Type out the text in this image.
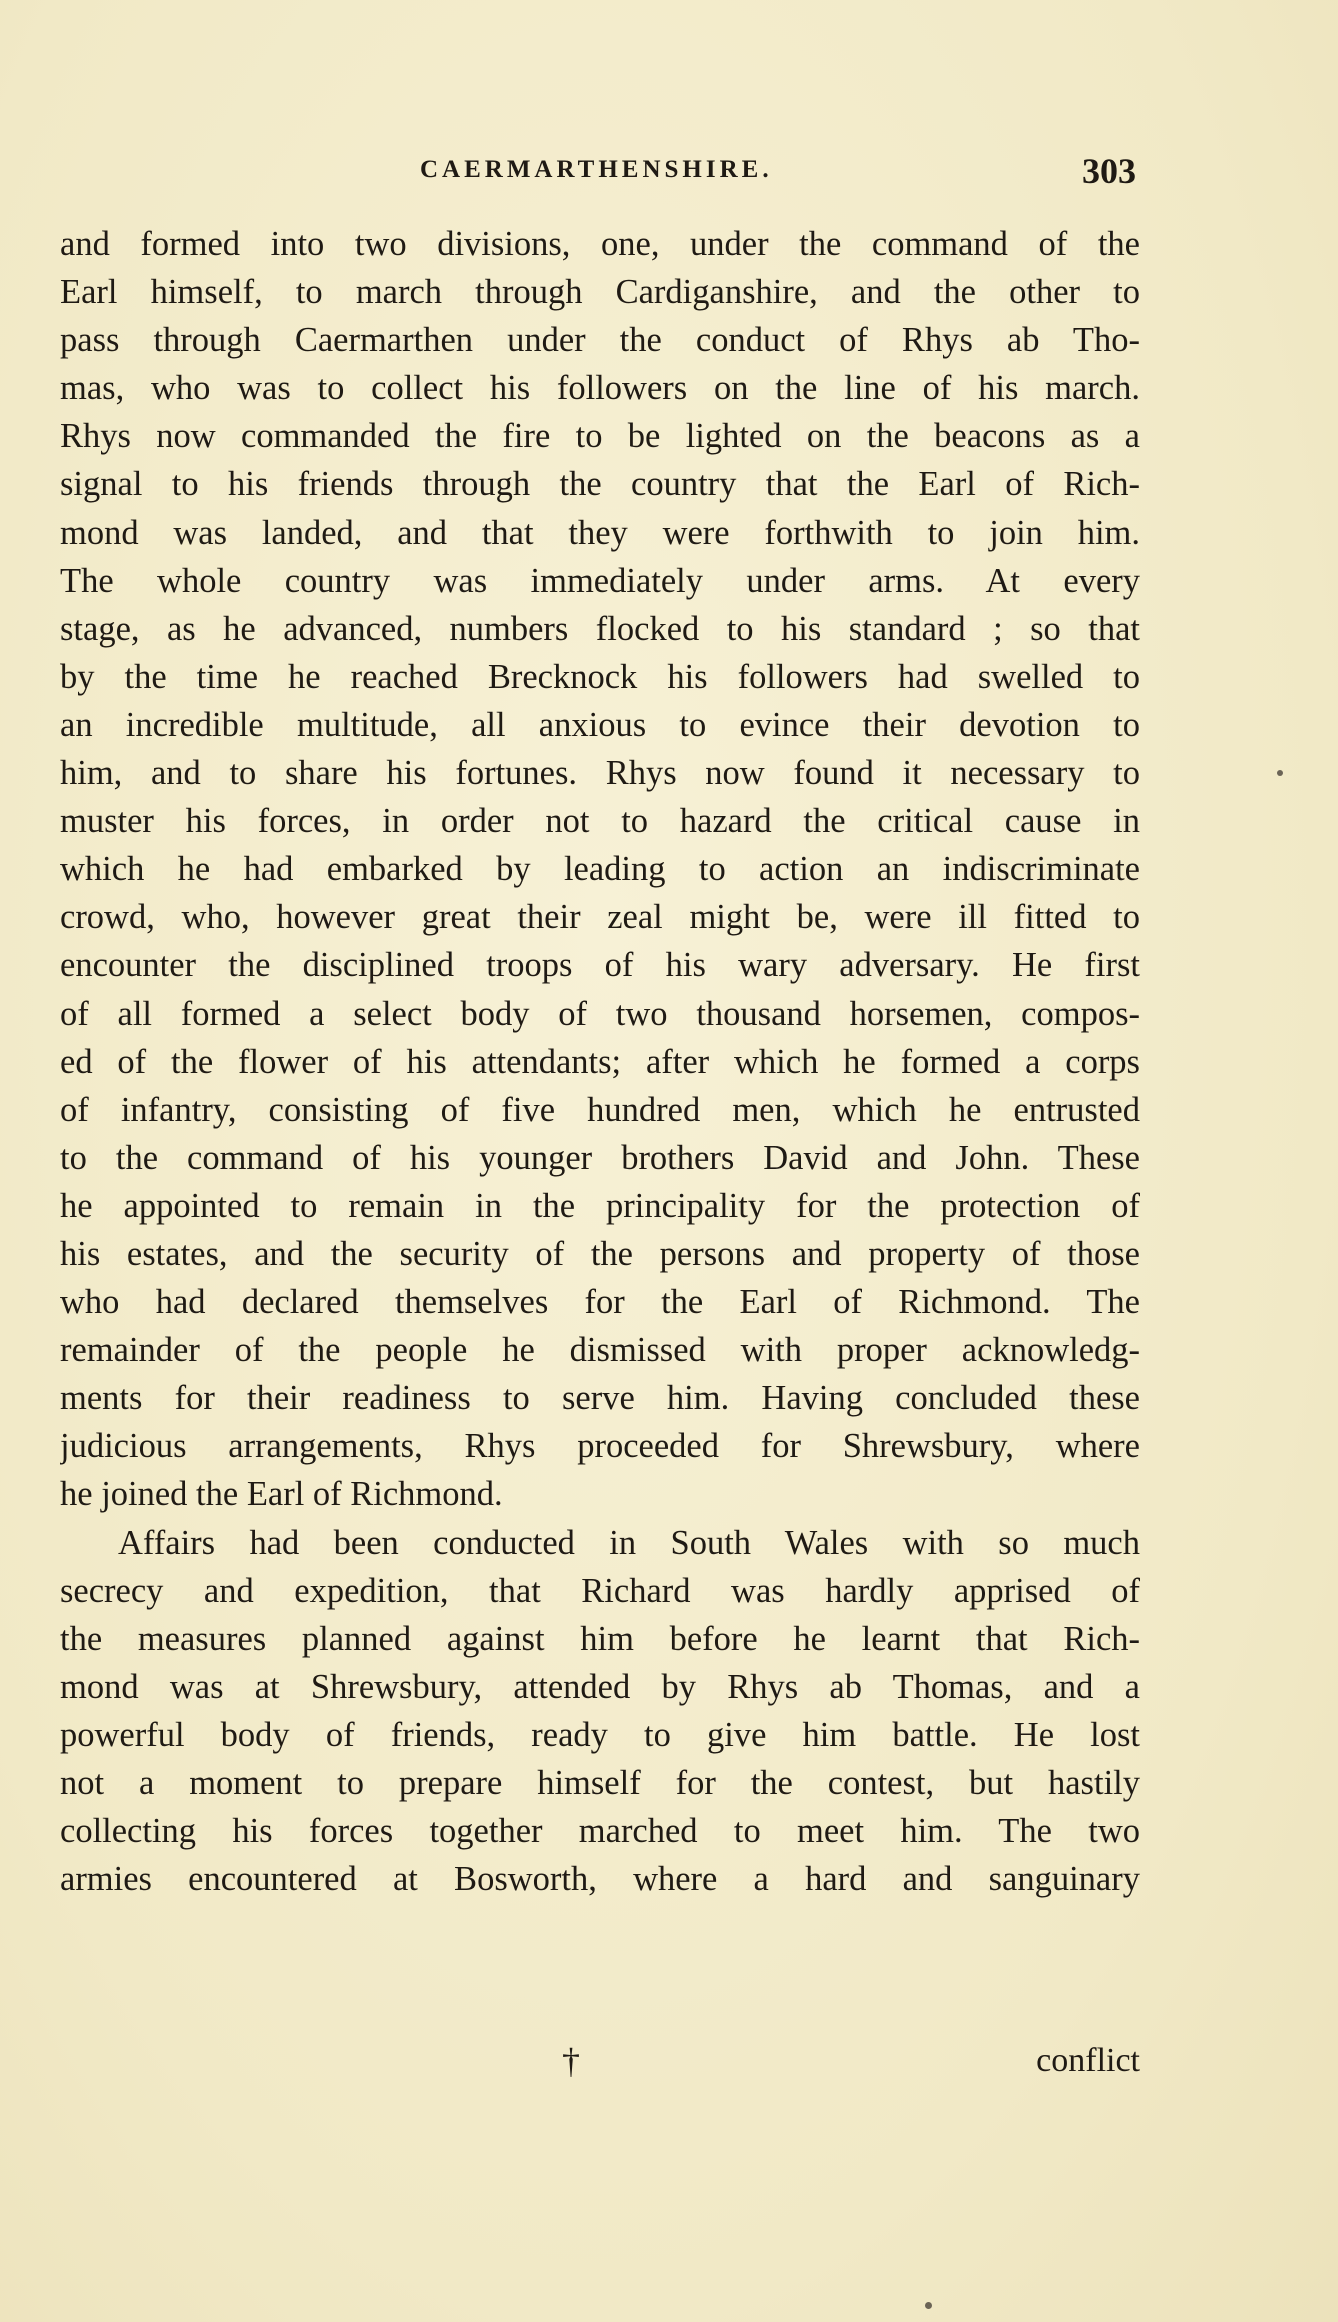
CAERMARTHENSHIRE.	303
and formed into two divisions, one, under the command of the
Earl himself, to march through Cardiganshire, and the other to
pass through Caermarthen under the conduct of Rhys ab Tho-
mas, who was to collect his followers on the line of his march.
Rhys now commanded the fire to be lighted on the beacons as a
signal to his friends through the country that the Earl of Rich-
mond was landed, and that they were forthwith to join him.
The whole country was immediately under arms. At every
stage, as he advanced, numbers flocked to his standard ; so that
by the time he reached Brecknock his followers had swelled to
an incredible multitude, all anxious to evince their devotion to
him, and to share his fortunes. Rhys now found it necessary to
muster his forces, in order not to hazard the critical cause in
which he had embarked by leading to action an indiscriminate
crowd, who, however great their zeal might be, were ill fitted to
encounter the disciplined troops of his wary adversary. He first
of all formed a select body of two thousand horsemen, compos-
ed of the flower of his attendants; after which he formed a corps
of infantry, consisting of five hundred men, which he entrusted
to the command of his younger brothers David and John. These
he appointed to remain in the principality for the protection of
his estates, and the security of the persons and property of those
who had declared themselves for the Earl of Richmond. The
remainder of the people he dismissed with proper acknowledg-
ments for their readiness to serve him. Having concluded these
judicious arrangements, Rhys proceeded for Shrewsbury, where
he joined the Earl of Richmond.
Affairs had been conducted in South Wales with so much
secrecy and expedition, that Richard was hardly apprised of
the measures planned against him before he learnt that Rich-
mond was at Shrewsbury, attended by Rhys ab Thomas, and a
powerful body of friends, ready to give him battle. He lost
not a moment to prepare himself for the contest, but hastily
collecting his forces together marched to meet him. The two
armies encountered at Bosworth, where a hard and sanguinary
†	conflict
